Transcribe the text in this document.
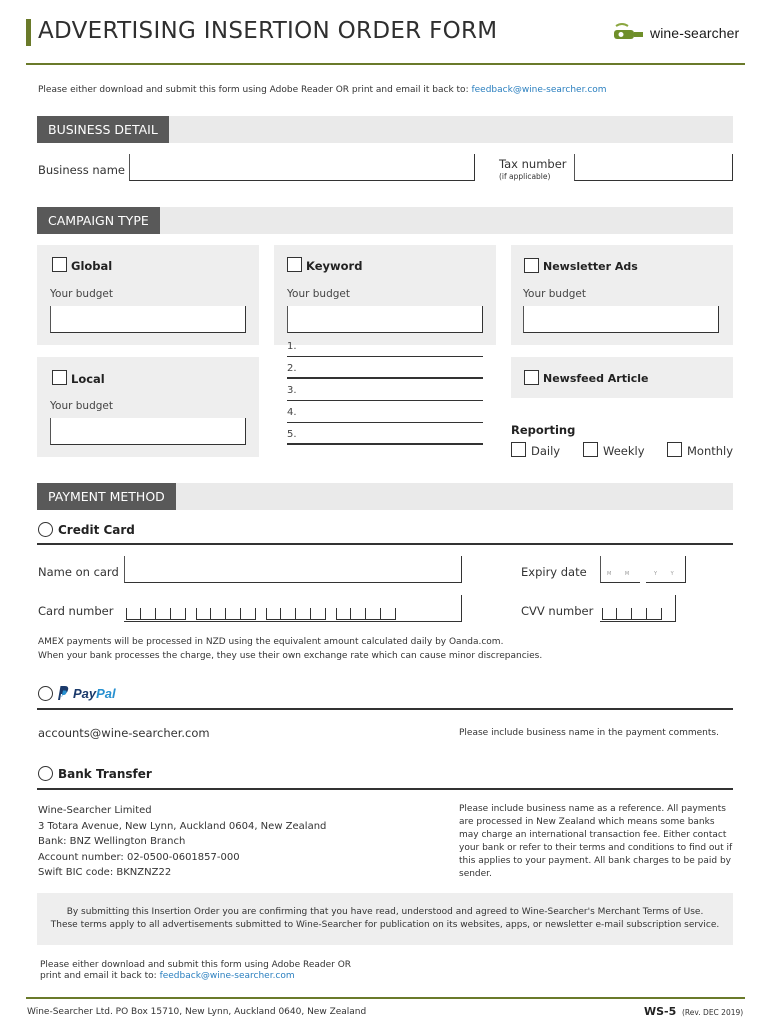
ADVERTISING INSERTION ORDER FORM	wine-searcher
Please either download and submit this form using Adobe Reader OR print and email it back to: feedback@wine-searcher.com
BUSINESS DETAIL
Business name	Tax number
(if applicable)
CAMPAIGN TYPE
Global
Your budget
Keyword
Your budget
1.
2.
3.
4.
5.
Newsletter Ads
Your budget
Local
Your budget
Newsfeed Article
Reporting
Daily	Weekly	Monthly
PAYMENT METHOD
Credit Card
Name on card	Expiry date	M M	Y Y
Card number	CVV number
AMEX payments will be processed in NZD using the equivalent amount calculated daily by Oanda.com.
When your bank processes the charge, they use their own exchange rate which can cause minor discrepancies.
PayPal
accounts@wine-searcher.com	Please include business name in the payment comments.
Bank Transfer
Wine-Searcher Limited
3 Totara Avenue, New Lynn, Auckland 0604, New Zealand
Bank: BNZ Wellington Branch
Account number: 02-0500-0601857-000
Swift BIC code: BKNZNZ22
Please include business name as a reference. All payments are processed in New Zealand which means some banks may charge an international transaction fee. Either contact your bank or refer to their terms and conditions to find out if this applies to your payment. All bank charges to be paid by sender.
By submitting this Insertion Order you are confirming that you have read, understood and agreed to Wine-Searcher's Merchant Terms of Use.
These terms apply to all advertisements submitted to Wine-Searcher for publication on its websites, apps, or newsletter e-mail subscription service.
Please either download and submit this form using Adobe Reader OR
print and email it back to: feedback@wine-searcher.com
Wine-Searcher Ltd. PO Box 15710, New Lynn, Auckland 0640, New Zealand	WS-5 (Rev. DEC 2019)
